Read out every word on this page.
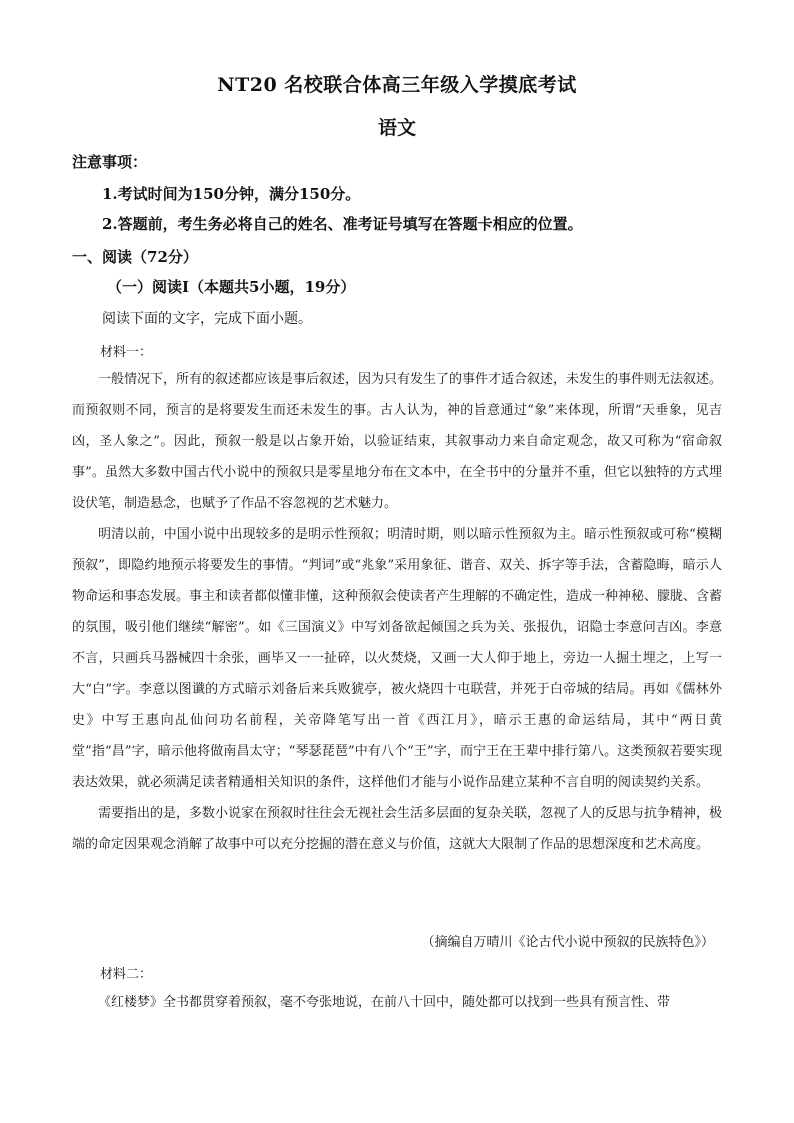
NT20 名校联合体高三年级入学摸底考试
语文
注意事项：
1.考试时间为150分钟，满分150分。
2.答题前，考生务必将自己的姓名、准考证号填写在答题卡相应的位置。
一、阅读（72分）
（一）阅读Ⅰ（本题共5小题，19分）
阅读下面的文字，完成下面小题。
材料一：

一般情况下，所有的叙述都应该是事后叙述，因为只有发生了的事件才适合叙述，未发生的事件则无法叙述。而预叙则不同，预言的是将要发生而还未发生的事。古人认为，神的旨意通过“象”来体现，所谓“天垂象，见吉凶，圣人象之”。因此，预叙一般是以占象开始，以验证结束，其叙事动力来自命定观念，故又可称为“宿命叙事”。虽然大多数中国古代小说中的预叙只是零星地分布在文本中，在全书中的分量并不重，但它以独特的方式埋设伏笔，制造悬念，也赋予了作品不容忽视的艺术魅力。

明清以前，中国小说中出现较多的是明示性预叙；明清时期，则以暗示性预叙为主。暗示性预叙或可称“模糊预叙”，即隐约地预示将要发生的事情。“判词”或“兆象”采用象征、谐音、双关、拆字等手法，含蓄隐晦，暗示人物命运和事态发展。事主和读者都似懂非懂，这种预叙会使读者产生理解的不确定性，造成一种神秘、朦胧、含蓄的氛围，吸引他们继续“解密”。如《三国演义》中写刘备欲起倾国之兵为关、张报仇，诏隐士李意问吉凶。李意不言，只画兵马器械四十余张，画毕又一一扯碎，以火焚烧，又画一大人仰于地上，旁边一人掘土埋之，上写一大“白”字。李意以图谶的方式暗示刘备后来兵败猇亭，被火烧四十屯联营，并死于白帝城的结局。再如《儒林外史》中写王惠向乩仙问功名前程，关帝降笔写出一首《西江月》，暗示王惠的命运结局，其中“两日黄堂”指“昌”字，暗示他将做南昌太守；“琴瑟琵琶”中有八个“王”字，而宁王在王辈中排行第八。这类预叙若要实现表达效果，就必须满足读者精通相关知识的条件，这样他们才能与小说作品建立某种不言自明的阅读契约关系。

需要指出的是，多数小说家在预叙时往往会无视社会生活多层面的复杂关联，忽视了人的反思与抗争精神，极端的命定因果观念消解了故事中可以充分挖掘的潜在意义与价值，这就大大限制了作品的思想深度和艺术高度。

（摘编自万晴川《论古代小说中预叙的民族特色》）
材料二：

《红楼梦》全书都贯穿着预叙，毫不夸张地说，在前八十回中，随处都可以找到一些具有预言性、带
